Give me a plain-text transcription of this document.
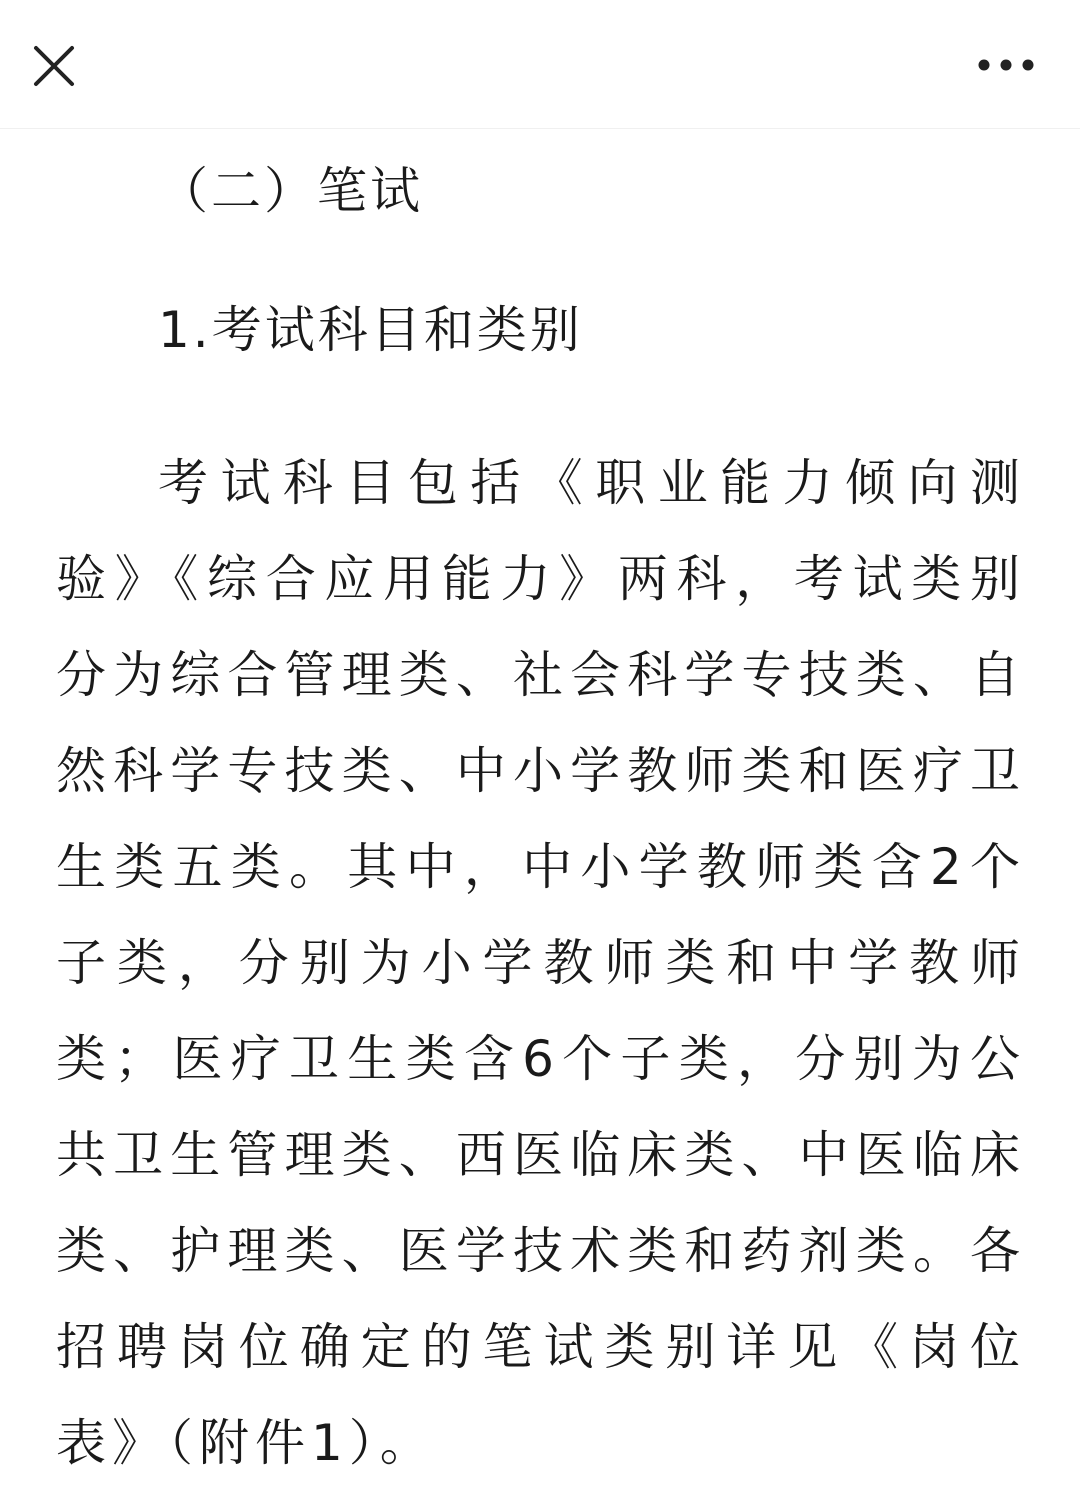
（二）笔试

1.考试科目和类别

考试科目包括《职业能力倾向测验》《综合应用能力》两科，考试类别分为综合管理类、社会科学专技类、自然科学专技类、中小学教师类和医疗卫生类五类。其中，中小学教师类含2个子类，分别为小学教师类和中学教师类；医疗卫生类含6个子类，分别为公共卫生管理类、西医临床类、中医临床类、护理类、医学技术类和药剂类。各招聘岗位确定的笔试类别详见《岗位表》（附件1）。
